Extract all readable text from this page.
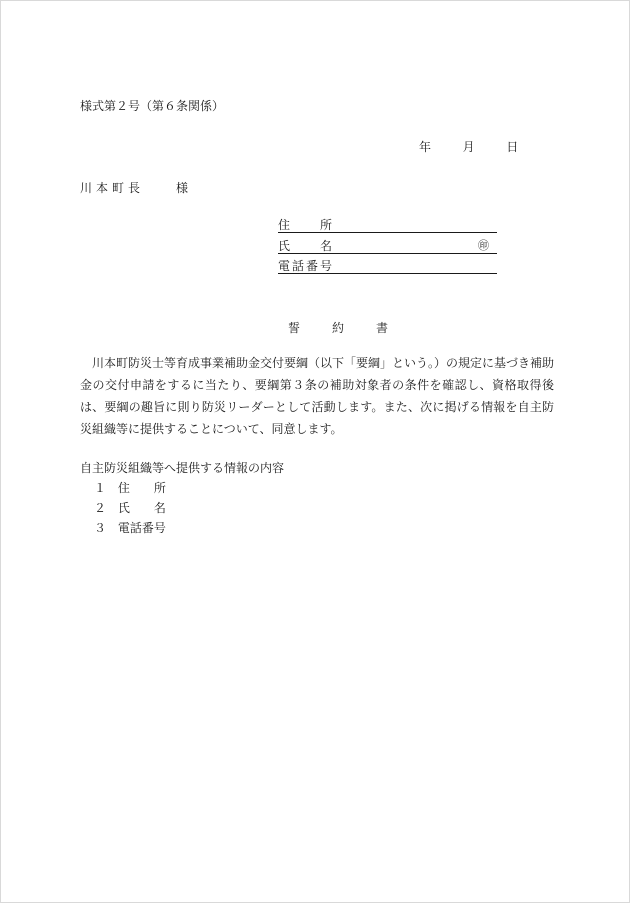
様式第２号（第６条関係）
年	月	日
川本町長　　様
住　　所
氏　　名	㊞
電話番号
誓　約　書
川本町防災士等育成事業補助金交付要綱（以下「要綱」という。）の規定に基づき補助金の交付申請をするに当たり、要綱第３条の補助対象者の条件を確認し、資格取得後は、要綱の趣旨に則り防災リーダーとして活動します。また、次に掲げる情報を自主防災組織等に提供することについて、同意します。
自主防災組織等へ提供する情報の内容
１ 住　　所
２ 氏　　名
３ 電話番号
